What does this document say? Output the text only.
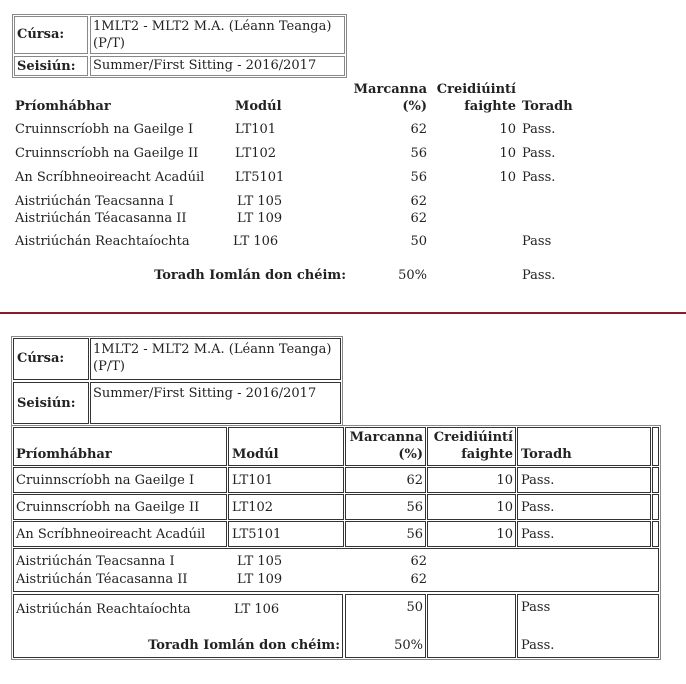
Cúrsa:
1MLT2 - MLT2 M.A. (Léann Teanga)(P/T)
Seisiún: Summer/First Sitting - 2016/2017
Príomhábhar	Modúl
Marcanna
(%)
Creidiúintí
faighte Toradh
Cruinnscríobh na Gaeilge I	LT101	62	10 Pass.
Cruinnscríobh na Gaeilge II	LT102	56	10 Pass.
An Scríbhneoireacht Acadúil LT5101	56	10 Pass.
Aistriúchán Teacsanna I	LT 105	62
Aistriúchán Téacasanna II	LT 109	62
Aistriúchán Reachtaíochta	LT 106	50	Pass
Toradh Iomlán don chéim:	50%	Pass.
Cúrsa:
1MLT2 - MLT2 M.A. (Léann Teanga)(P/T)
Seisiún:
Summer/First Sitting - 2016/2017
Príomhábhar	Modúl
Marcanna
(%)
Creidiúintí
faighte Toradh
Cruinnscríobh na Gaeilge I	LT101	62	10 Pass.
Cruinnscríobh na Gaeilge II	LT102	56	10 Pass.
An Scríbhneoireacht Acadúil LT5101	56	10 Pass.
Aistriúchán Teacsanna I	LT 105	62
Aistriúchán Téacasanna II	LT 109	62
Aistriúchán Reachtaíochta	LT 106	50	Pass
Toradh Iomlán don chéim:	50%	Pass.
